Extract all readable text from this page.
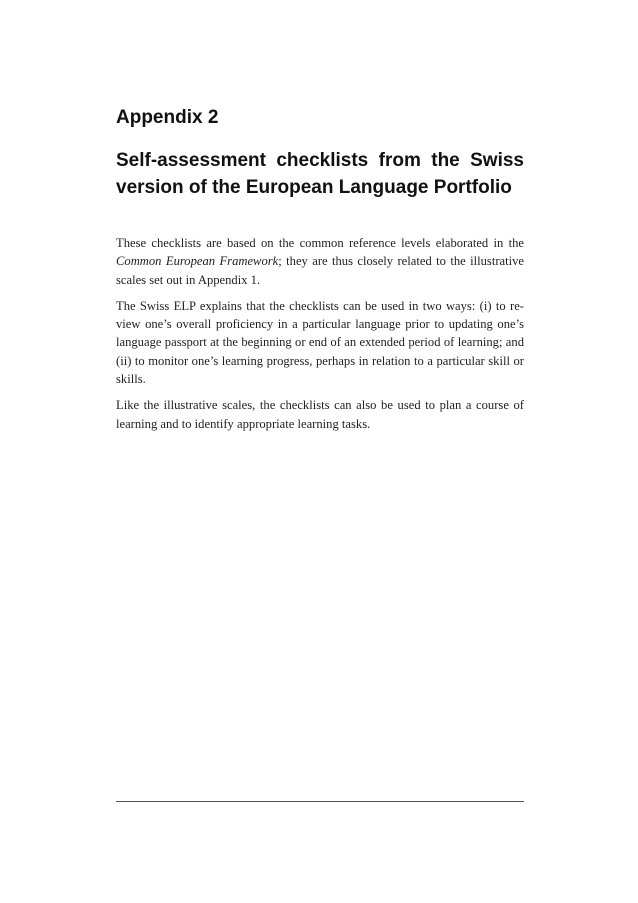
Appendix 2
Self-assessment checklists from the Swiss
version of the European Language Portfolio

These checklists are based on the common reference levels elaborated in the Common European Framework; they are thus closely related to the illustrative scales set out in Appendix 1.

The Swiss ELP explains that the checklists can be used in two ways: (i) to re-view one’s overall proficiency in a particular language prior to updating one’s language passport at the beginning or end of an extended period of learning; and (ii) to monitor one’s learning progress, perhaps in relation to a particular skill or skills.

Like the illustrative scales, the checklists can also be used to plan a course of learning and to identify appropriate learning tasks.
